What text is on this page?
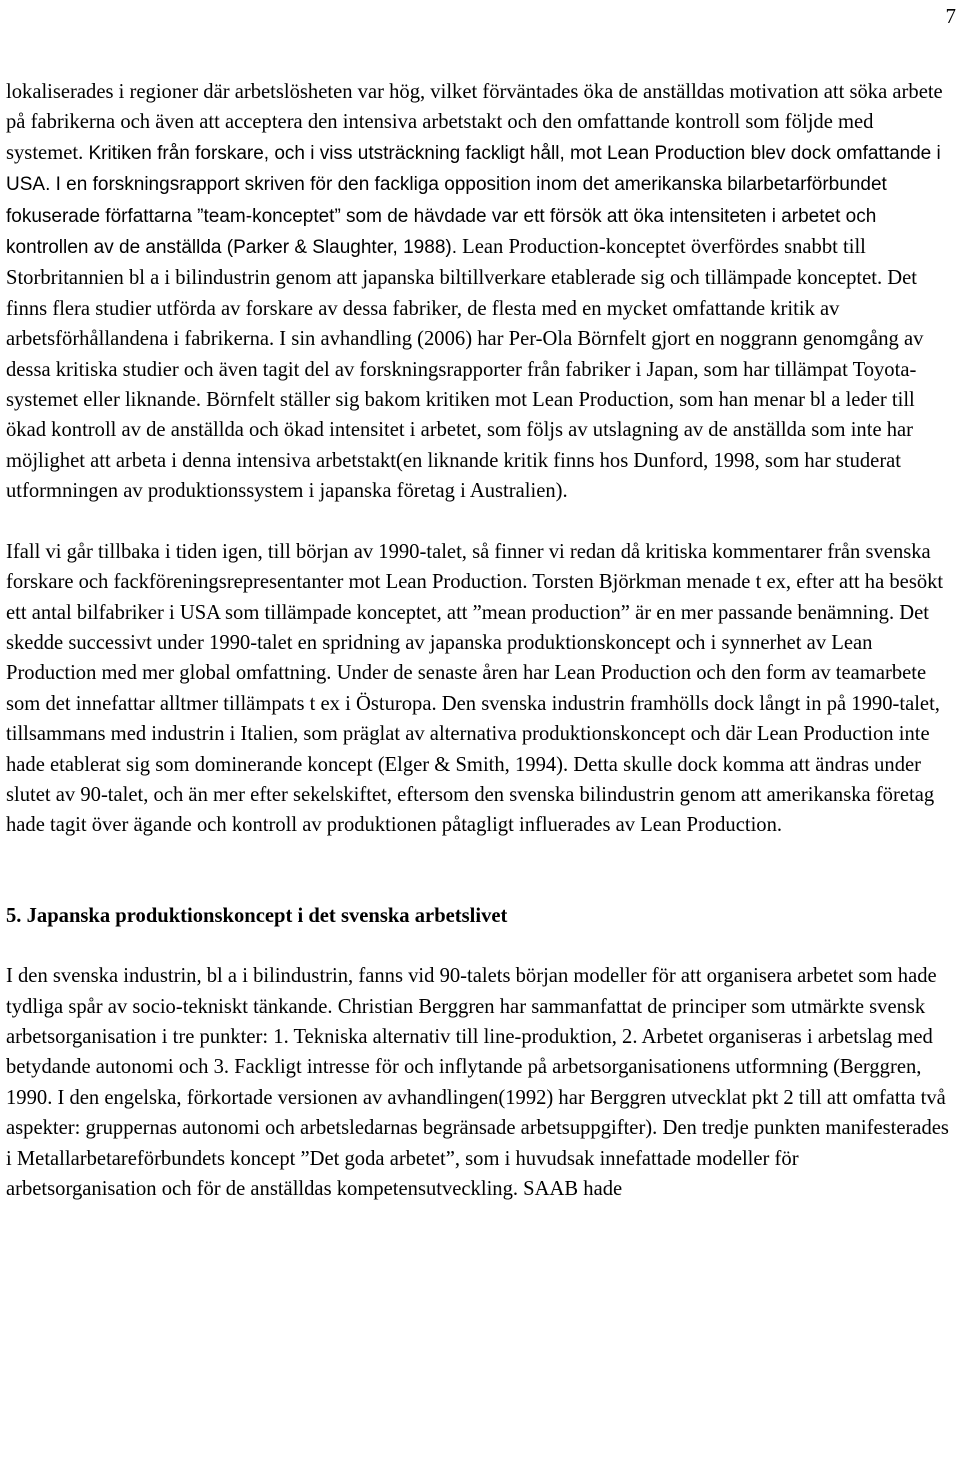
7

lokaliserades i regioner där arbetslösheten var hög, vilket förväntades öka de anställdas motivation att söka arbete på fabrikerna och även att acceptera den intensiva arbetstakt och den omfattande kontroll som följde med systemet. Kritiken från forskare, och i viss utsträckning fackligt håll, mot Lean Production blev dock omfattande i USA. I en forskningsrapport skriven för den fackliga opposition inom det amerikanska bilarbetarförbundet fokuserade författarna ”team-konceptet” som de hävdade var ett försök att öka intensiteten i arbetet och kontrollen av de anställda (Parker & Slaughter, 1988). Lean Production-konceptet överfördes snabbt till Storbritannien bl a i bilindustrin genom att japanska biltillverkare etablerade sig och tillämpade konceptet. Det finns flera studier utförda av forskare av dessa fabriker, de flesta med en mycket omfattande kritik av arbetsförhållandena i fabrikerna. I sin avhandling (2006) har Per-Ola Börnfelt gjort en noggrann genomgång av dessa kritiska studier och även tagit del av forskningsrapporter från fabriker i Japan, som har tillämpat Toyota-systemet eller liknande. Börnfelt ställer sig bakom kritiken mot Lean Production, som han menar bl a leder till ökad kontroll av de anställda och ökad intensitet i arbetet, som följs av utslagning av de anställda som inte har möjlighet att arbeta i denna intensiva arbetstakt(en liknande kritik finns hos Dunford, 1998, som har studerat utformningen av produktionssystem i japanska företag i Australien).

Ifall vi går tillbaka i tiden igen, till början av 1990-talet, så finner vi redan då kritiska kommentarer från svenska forskare och fackföreningsrepresentanter mot Lean Production. Torsten Björkman menade t ex, efter att ha besökt ett antal bilfabriker i USA som tillämpade konceptet, att ”mean production” är en mer passande benämning. Det skedde successivt under 1990-talet en spridning av japanska produktionskoncept och i synnerhet av Lean Production med mer global omfattning. Under de senaste åren har Lean Production och den form av teamarbete som det innefattar alltmer tillämpats t ex i Östuropa. Den svenska industrin framhölls dock långt in på 1990-talet, tillsammans med industrin i Italien, som präglat av alternativa produktionskoncept och där Lean Production inte hade etablerat sig som dominerande koncept (Elger & Smith, 1994). Detta skulle dock komma att ändras under slutet av 90-talet, och än mer efter sekelskiftet, eftersom den svenska bilindustrin genom att amerikanska företag hade tagit över ägande och kontroll av produktionen påtagligt influerades av Lean Production.

5. Japanska produktionskoncept i det svenska arbetslivet

I den svenska industrin, bl a i bilindustrin, fanns vid 90-talets början modeller för att organisera arbetet som hade tydliga spår av socio-tekniskt tänkande. Christian Berggren har sammanfattat de principer som utmärkte svensk arbetsorganisation i tre punkter: 1. Tekniska alternativ till line-produktion, 2. Arbetet organiseras i arbetslag med betydande autonomi och 3. Fackligt intresse för och inflytande på arbetsorganisationens utformning (Berggren, 1990. I den engelska, förkortade versionen av avhandlingen(1992) har Berggren utvecklat pkt 2 till att omfatta två aspekter: gruppernas autonomi och arbetsledarnas begränsade arbetsuppgifter). Den tredje punkten manifesterades i Metallarbetareförbundets koncept ”Det goda arbetet”, som i huvudsak innefattade modeller för arbetsorganisation och för de anställdas kompetensutveckling. SAAB hade
